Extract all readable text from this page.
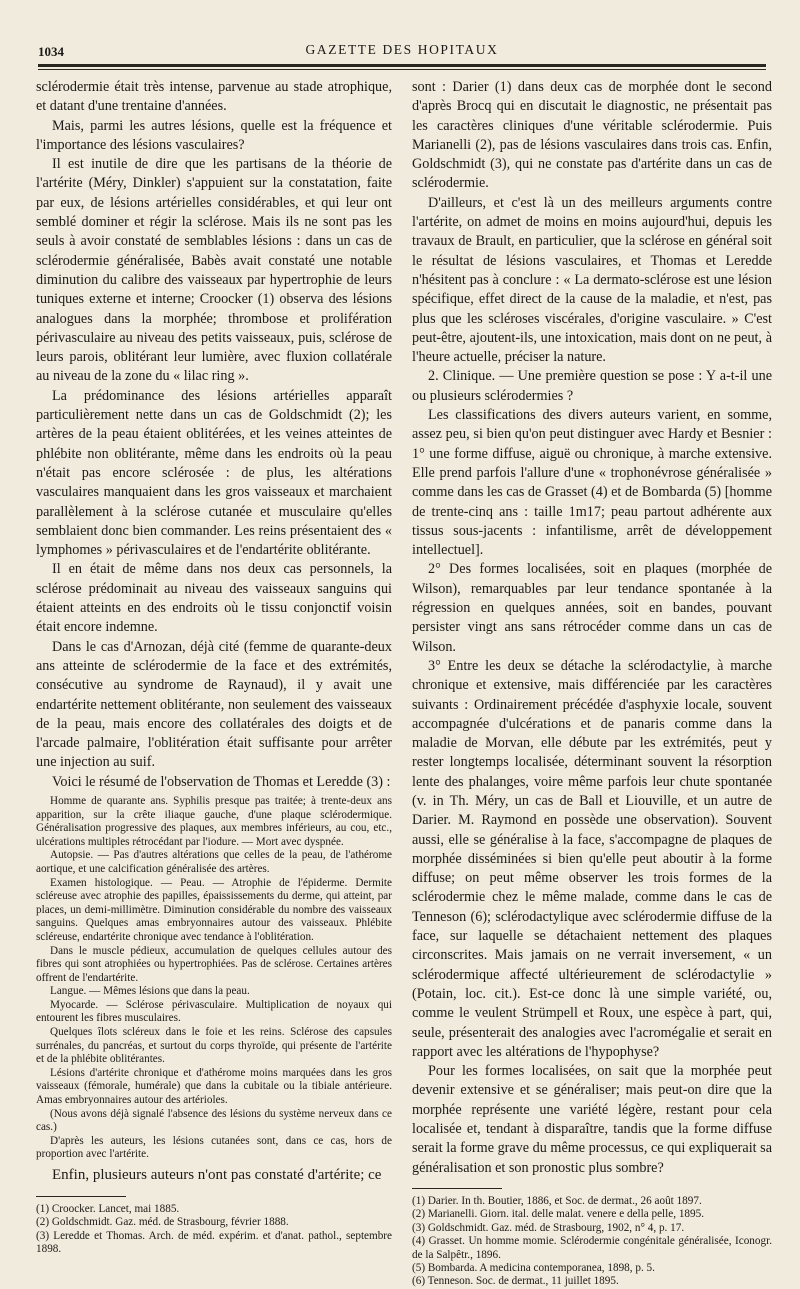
1034	GAZETTE DES HOPITAUX

sclérodermie était très intense, parvenue au stade atrophique, et datant d'une trentaine d'années.

Mais, parmi les autres lésions, quelle est la fréquence et l'importance des lésions vasculaires?

Il est inutile de dire que les partisans de la théorie de l'artérite (Méry, Dinkler) s'appuient sur la constatation, faite par eux, de lésions artérielles considérables, et qui leur ont semblé dominer et régir la sclérose. Mais ils ne sont pas les seuls à avoir constaté de semblables lésions : dans un cas de sclérodermie généralisée, Babès avait constaté une notable diminution du calibre des vaisseaux par hypertrophie de leurs tuniques externe et interne; Croocker (1) observa des lésions analogues dans la morphée; thrombose et prolifération périvasculaire au niveau des petits vaisseaux, puis, sclérose de leurs parois, oblitérant leur lumière, avec fluxion collatérale au niveau de la zone du « lilac ring ».

La prédominance des lésions artérielles apparaît particulièrement nette dans un cas de Goldschmidt (2); les artères de la peau étaient oblitérées, et les veines atteintes de phlébite non oblitérante, même dans les endroits où la peau n'était pas encore sclérosée : de plus, les altérations vasculaires manquaient dans les gros vaisseaux et marchaient parallèlement à la sclérose cutanée et musculaire qu'elles semblaient donc bien commander. Les reins présentaient des « lymphomes » périvasculaires et de l'endartérite oblitérante.

Il en était de même dans nos deux cas personnels, la sclérose prédominait au niveau des vaisseaux sanguins qui étaient atteints en des endroits où le tissu conjonctif voisin était encore indemne.

Dans le cas d'Arnozan, déjà cité (femme de quarante-deux ans atteinte de sclérodermie de la face et des extrémités, consécutive au syndrome de Raynaud), il y avait une endartérite nettement oblitérante, non seulement des vaisseaux de la peau, mais encore des collatérales des doigts et de l'arcade palmaire, l'oblitération était suffisante pour arrêter une injection au suif.

Voici le résumé de l'observation de Thomas et Leredde (3) :

Homme de quarante ans. Syphilis presque pas traitée; à trente-deux ans apparition, sur la crête iliaque gauche, d'une plaque sclérodermique. Généralisation progressive des plaques, aux membres inférieurs, au cou, etc., ulcérations multiples rétrocédant par l'iodure. — Mort avec dyspnée.

Autopsie. — Pas d'autres altérations que celles de la peau, de l'athérome aortique, et une calcification généralisée des artères.

Examen histologique. — Peau. — Atrophie de l'épiderme. Dermite scléreuse avec atrophie des papilles, épaississements du derme, qui atteint, par places, un demi-millimètre. Diminution considérable du nombre des vaisseaux sanguins. Quelques amas embryonnaires autour des vaisseaux. Phlébite scléreuse, endartérite chronique avec tendance à l'oblitération.

Dans le muscle pédieux, accumulation de quelques cellules autour des fibres qui sont atrophiées ou hypertrophiées. Pas de sclérose. Certaines artères offrent de l'endartérite.

Langue. — Mêmes lésions que dans la peau.

Myocarde. — Sclérose périvasculaire. Multiplication de noyaux qui entourent les fibres musculaires.

Quelques îlots scléreux dans le foie et les reins. Sclérose des capsules surrénales, du pancréas, et surtout du corps thyroïde, qui présente de l'artérite et de la phlébite oblitérantes.

Lésions d'artérite chronique et d'athérome moins marquées dans les gros vaisseaux (fémorale, humérale) que dans la cubitale ou la tibiale antérieure. Amas embryonnaires autour des artérioles.

(Nous avons déjà signalé l'absence des lésions du système nerveux dans ce cas.)

D'après les auteurs, les lésions cutanées sont, dans ce cas, hors de proportion avec l'artérite.

Enfin, plusieurs auteurs n'ont pas constaté d'artérite; ce

(1) Croocker. Lancet, mai 1885.
(2) Goldschmidt. Gaz. méd. de Strasbourg, février 1888.
(3) Leredde et Thomas. Arch. de méd. expérim. et d'anat. pathol., septembre 1898.

sont : Darier (1) dans deux cas de morphée dont le second d'après Brocq qui en discutait le diagnostic, ne présentait pas les caractères cliniques d'une véritable sclérodermie. Puis Marianelli (2), pas de lésions vasculaires dans trois cas. Enfin, Goldschmidt (3), qui ne constate pas d'artérite dans un cas de sclérodermie.

D'ailleurs, et c'est là un des meilleurs arguments contre l'artérite, on admet de moins en moins aujourd'hui, depuis les travaux de Brault, en particulier, que la sclérose en général soit le résultat de lésions vasculaires, et Thomas et Leredde n'hésitent pas à conclure : « La dermato-sclérose est une lésion spécifique, effet direct de la cause de la maladie, et n'est, pas plus que les scléroses viscérales, d'origine vasculaire. » C'est peut-être, ajoutent-ils, une intoxication, mais dont on ne peut, à l'heure actuelle, préciser la nature.

2. Clinique. — Une première question se pose : Y a-t-il une ou plusieurs sclérodermies ?

Les classifications des divers auteurs varient, en somme, assez peu, si bien qu'on peut distinguer avec Hardy et Besnier : 1° une forme diffuse, aiguë ou chronique, à marche extensive. Elle prend parfois l'allure d'une « trophonévrose généralisée » comme dans les cas de Grasset (4) et de Bombarda (5) [homme de trente-cinq ans : taille 1m17; peau partout adhérente aux tissus sous-jacents : infantilisme, arrêt de développement intellectuel].

2° Des formes localisées, soit en plaques (morphée de Wilson), remarquables par leur tendance spontanée à la régression en quelques années, soit en bandes, pouvant persister vingt ans sans rétrocéder comme dans un cas de Wilson.

3° Entre les deux se détache la sclérodactylie, à marche chronique et extensive, mais différenciée par les caractères suivants : Ordinairement précédée d'asphyxie locale, souvent accompagnée d'ulcérations et de panaris comme dans la maladie de Morvan, elle débute par les extrémités, peut y rester longtemps localisée, déterminant souvent la résorption lente des phalanges, voire même parfois leur chute spontanée (v. in Th. Méry, un cas de Ball et Liouville, et un autre de Darier. M. Raymond en possède une observation). Souvent aussi, elle se généralise à la face, s'accompagne de plaques de morphée disséminées si bien qu'elle peut aboutir à la forme diffuse; on peut même observer les trois formes de la sclérodermie chez le même malade, comme dans le cas de Tenneson (6); sclérodactylique avec sclérodermie diffuse de la face, sur laquelle se détachaient nettement des plaques circonscrites. Mais jamais on ne verrait inversement, « un sclérodermique affecté ultérieurement de sclérodactylie » (Potain, loc. cit.). Est-ce donc là une simple variété, ou, comme le veulent Strümpell et Roux, une espèce à part, qui, seule, présenterait des analogies avec l'acromégalie et serait en rapport avec les altérations de l'hypophyse?

Pour les formes localisées, on sait que la morphée peut devenir extensive et se généraliser; mais peut-on dire que la morphée représente une variété légère, restant pour cela localisée et, tendant à disparaître, tandis que la forme diffuse serait la forme grave du même processus, ce qui expliquerait sa généralisation et son pronostic plus sombre?

(1) Darier. In th. Boutier, 1886, et Soc. de dermat., 26 août 1897.
(2) Marianelli. Giorn. ital. delle malat. venere e della pelle, 1895.
(3) Goldschmidt. Gaz. méd. de Strasbourg, 1902, n° 4, p. 17.
(4) Grasset. Un homme momie. Sclérodermie congénitale généralisée, Iconogr. de la Salpêtr., 1896.
(5) Bombarda. A medicina contemporanea, 1898, p. 5.
(6) Tenneson. Soc. de dermat., 11 juillet 1895.
